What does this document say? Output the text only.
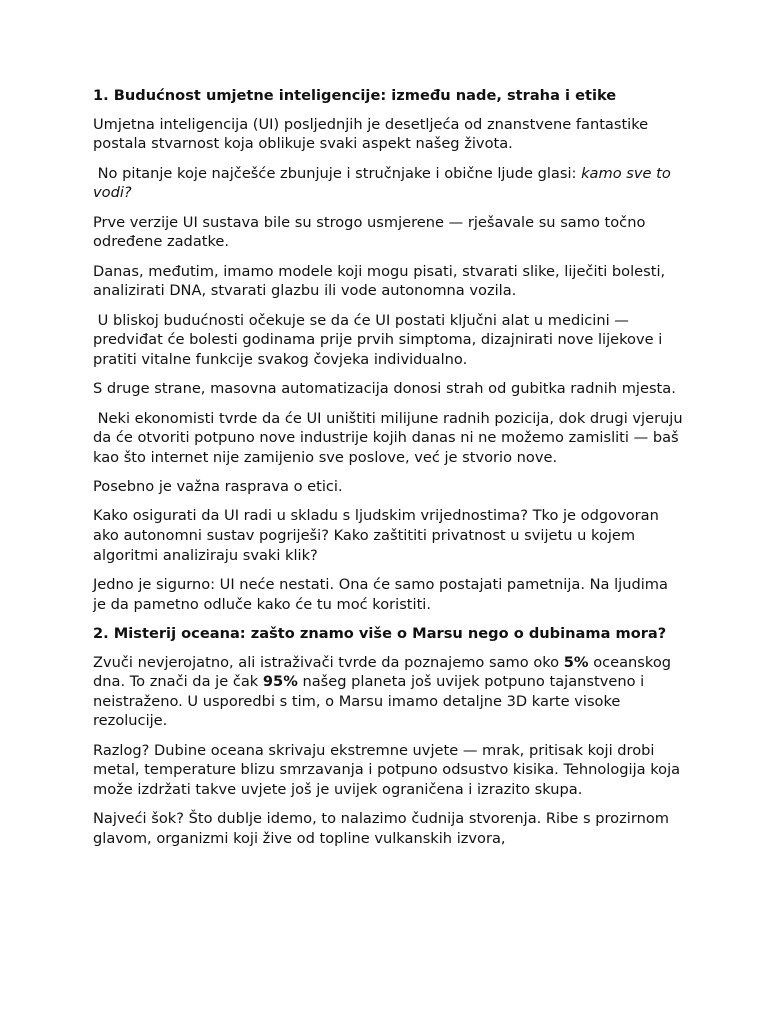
1. Budućnost umjetne inteligencije: između nade, straha i etike

Umjetna inteligencija (UI) posljednjih je desetljeća od znanstvene fantastike postala stvarnost koja oblikuje svaki aspekt našeg života.

No pitanje koje najčešće zbunjuje i stručnjake i obične ljude glasi: kamo sve to vodi?

Prve verzije UI sustava bile su strogo usmjerene — rješavale su samo točno određene zadatke.

Danas, međutim, imamo modele koji mogu pisati, stvarati slike, liječiti bolesti, analizirati DNA, stvarati glazbu ili vode autonomna vozila.

U bliskoj budućnosti očekuje se da će UI postati ključni alat u medicini — predviđat će bolesti godinama prije prvih simptoma, dizajnirati nove lijekove i pratiti vitalne funkcije svakog čovjeka individualno.

S druge strane, masovna automatizacija donosi strah od gubitka radnih mjesta.

Neki ekonomisti tvrde da će UI uništiti milijune radnih pozicija, dok drugi vjeruju da će otvoriti potpuno nove industrije kojih danas ni ne možemo zamisliti — baš kao što internet nije zamijenio sve poslove, već je stvorio nove.

Posebno je važna rasprava o etici.

Kako osigurati da UI radi u skladu s ljudskim vrijednostima? Tko je odgovoran ako autonomni sustav pogriješi? Kako zaštititi privatnost u svijetu u kojem algoritmi analiziraju svaki klik?

Jedno je sigurno: UI neće nestati. Ona će samo postajati pametnija. Na ljudima je da pametno odluče kako će tu moć koristiti.

2. Misterij oceana: zašto znamo više o Marsu nego o dubinama mora?

Zvuči nevjerojatno, ali istraživači tvrde da poznajemo samo oko 5% oceanskog dna. To znači da je čak 95% našeg planeta još uvijek potpuno tajanstveno i neistraženo. U usporedbi s tim, o Marsu imamo detaljne 3D karte visoke rezolucije.

Razlog? Dubine oceana skrivaju ekstremne uvjete — mrak, pritisak koji drobi metal, temperature blizu smrzavanja i potpuno odsustvo kisika. Tehnologija koja može izdržati takve uvjete još je uvijek ograničena i izrazito skupa.

Najveći šok? Što dublje idemo, to nalazimo čudnija stvorenja. Ribe s prozirnom glavom, organizmi koji žive od topline vulkanskih izvora,
